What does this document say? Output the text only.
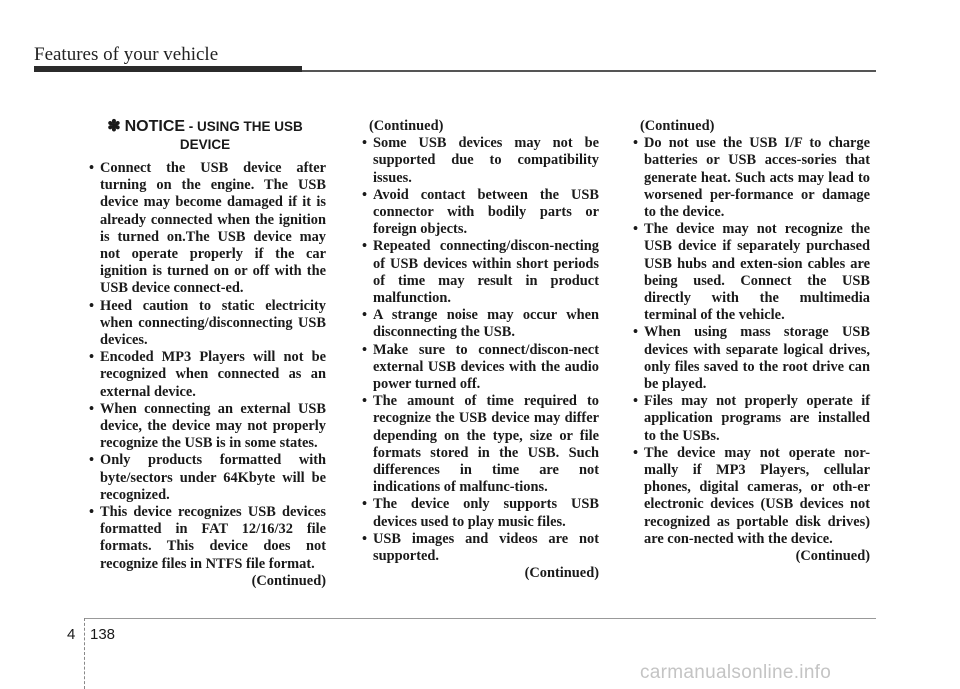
Features of your vehicle
✽ NOTICE - USING THE USB
DEVICE

• Connect the USB device after turning on the engine. The USB device may become damaged if it is already connected when the ignition is turned on.The USB device may not operate properly if the car ignition is turned on or off with the USB device connect-ed.

• Heed caution to static electricity when connecting/disconnecting USB devices.

• Encoded MP3 Players will not be recognized when connected as an external device.

• When connecting an external USB device, the device may not properly recognize the USB is in some states.

• Only products formatted with byte/sectors under 64Kbyte will be recognized.

• This device recognizes USB devices formatted in FAT 12/16/32 file formats. This device does not recognize files in NTFS file format.

(Continued)
(Continued)

• Some USB devices may not be supported due to compatibility issues.

• Avoid contact between the USB connector with bodily parts or foreign objects.

• Repeated connecting/discon-necting of USB devices within short periods of time may result in product malfunction.

• A strange noise may occur when disconnecting the USB.

• Make sure to connect/discon-nect external USB devices with the audio power turned off.

• The amount of time required to recognize the USB device may differ depending on the type, size or file formats stored in the USB. Such differences in time are not indications of malfunc-tions.

• The device only supports USB devices used to play music files.

• USB images and videos are not supported.

(Continued)
(Continued)

• Do not use the USB I/F to charge batteries or USB acces-sories that generate heat. Such acts may lead to worsened per-formance or damage to the device.

• The device may not recognize the USB device if separately purchased USB hubs and exten-sion cables are being used. Connect the USB directly with the multimedia terminal of the vehicle.

• When using mass storage USB devices with separate logical drives, only files saved to the root drive can be played.

• Files may not properly operate if application programs are installed to the USBs.

• The device may not operate nor-mally if MP3 Players, cellular phones, digital cameras, or oth-er electronic devices (USB devices not recognized as portable disk drives) are con-nected with the device.

(Continued)
4 138
carmanualsonline.info
